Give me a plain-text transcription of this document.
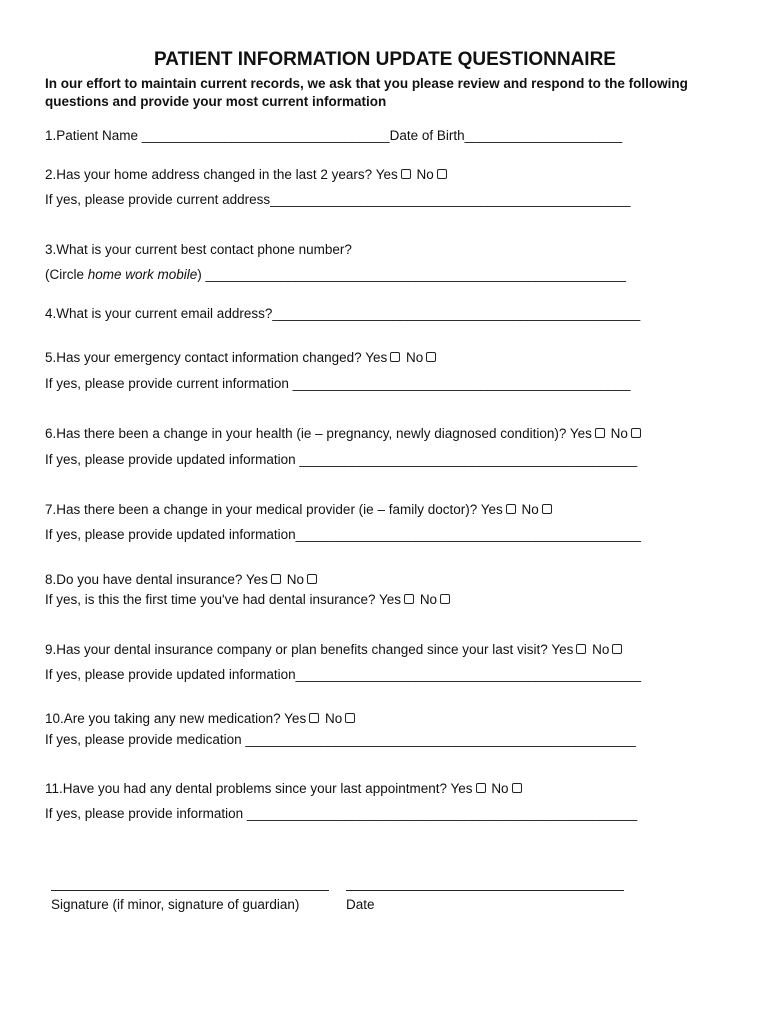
PATIENT INFORMATION UPDATE QUESTIONNAIRE
In our effort to maintain current records, we ask that you please review and respond to the following
questions and provide your most current information
1.Patient Name _________________________________Date of Birth_____________________
2.Has your home address changed in the last 2 years? Yes No
If yes, please provide current address________________________________________________
3.What is your current best contact phone number?
(Circle home work mobile) ________________________________________________________
4.What is your current email address?_________________________________________________
5.Has your emergency contact information changed? Yes No
If yes, please provide current information _____________________________________________
6.Has there been a change in your health (ie – pregnancy, newly diagnosed condition)? Yes No
If yes, please provide updated information _____________________________________________
7.Has there been a change in your medical provider (ie – family doctor)? Yes No
If yes, please provide updated information______________________________________________
8.Do you have dental insurance? Yes No
If yes, is this the first time you've had dental insurance? Yes No
9.Has your dental insurance company or plan benefits changed since your last visit? Yes No
If yes, please provide updated information______________________________________________
10.Are you taking any new medication? Yes No
If yes, please provide medication ____________________________________________________
11.Have you had any dental problems since your last appointment? Yes No
If yes, please provide information ____________________________________________________
Signature (if minor, signature of guardian)	Date
